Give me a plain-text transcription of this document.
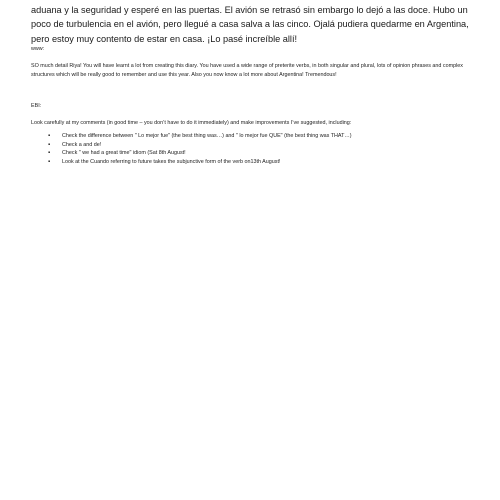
aduana y la seguridad y esperé en las puertas. El avión se retrasó sin embargo lo dejó a las doce. Hubo un poco de turbulencia en el avión, pero llegué a casa salva a las cinco. Ojalá pudiera quedarme en Argentina, pero estoy muy contento de estar en casa. ¡Lo pasé increíble allí!

www:

SO much detail Riya! You will have learnt a lot from creating this diary. You have used a wide range of preterite verbs, in both singular and plural, lots of opinion phrases and complex structures which will be really good to remember and use this year. Also you now know a lot more about Argentina! Tremendous!

EBI:

Look carefully at my comments (in good time – you don’t have to do it immediately) and make improvements I’ve suggested, including:

▪ Check the difference between " Lo mejor fue" (the best thing was…) and " lo mejor fue QUE" (the best thing was THAT…)
▪ Check a and de!
▪ Check " we had a great time" idiom (Sat 8th August!
▪ Look at the Cuando referring to future takes the subjunctive form of the verb on13th August!
